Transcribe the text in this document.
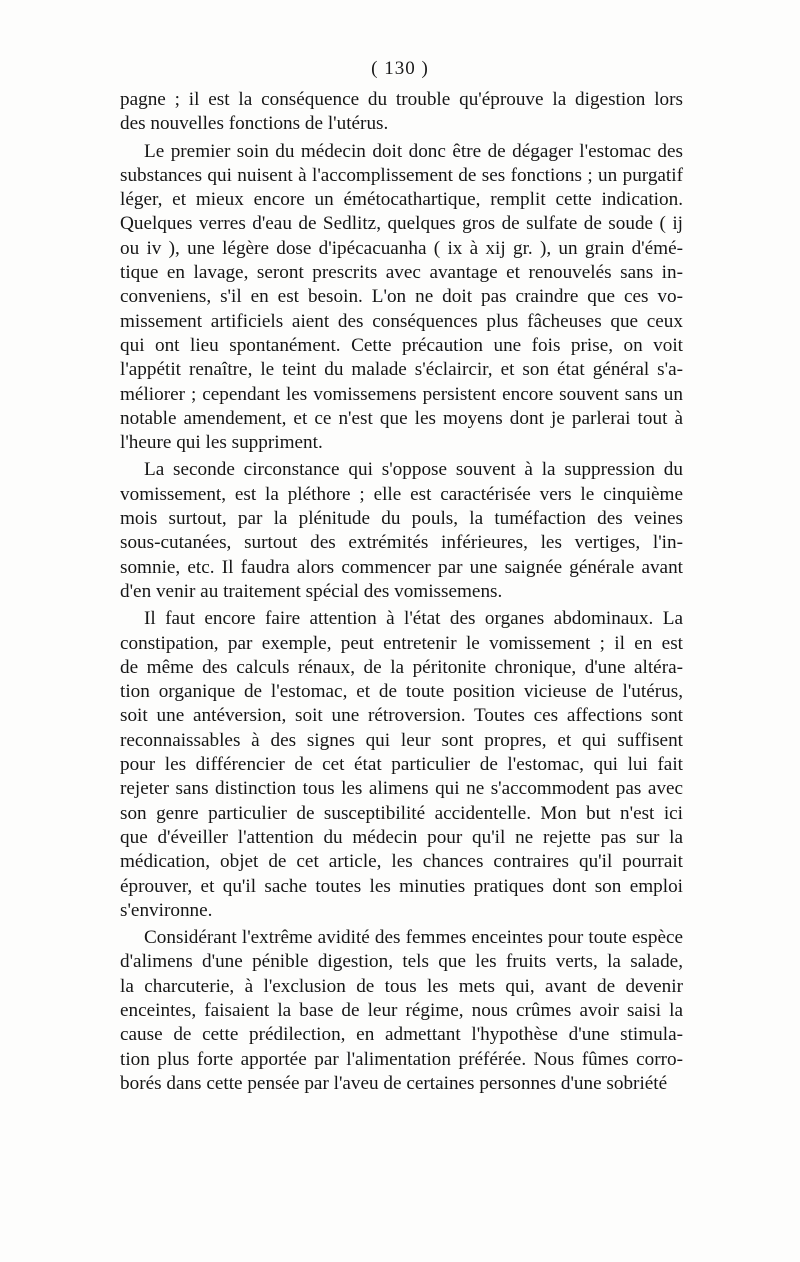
( 130 )
pagne ; il est la conséquence du trouble qu'éprouve la digestion lors
des nouvelles fonctions de l'utérus.
Le premier soin du médecin doit donc être de dégager l'estomac des
substances qui nuisent à l'accomplissement de ses fonctions ; un purgatif
léger, et mieux encore un émétocathartique, remplit cette indication.
Quelques verres d'eau de Sedlitz, quelques gros de sulfate de soude ( ij
ou iv ), une légère dose d'ipécacuanha ( ix à xij gr. ), un grain d'émé-
tique en lavage, seront prescrits avec avantage et renouvelés sans in-
conveniens, s'il en est besoin. L'on ne doit pas craindre que ces vo-
missement artificiels aient des conséquences plus fâcheuses que ceux
qui ont lieu spontanément. Cette précaution une fois prise, on voit
l'appétit renaître, le teint du malade s'éclaircir, et son état général s'a-
méliorer ; cependant les vomissemens persistent encore souvent sans un
notable amendement, et ce n'est que les moyens dont je parlerai tout à
l'heure qui les suppriment.
La seconde circonstance qui s'oppose souvent à la suppression du
vomissement, est la pléthore ; elle est caractérisée vers le cinquième
mois surtout, par la plénitude du pouls, la tuméfaction des veines
sous-cutanées, surtout des extrémités inférieures, les vertiges, l'in-
somnie, etc. Il faudra alors commencer par une saignée générale avant
d'en venir au traitement spécial des vomissemens.
Il faut encore faire attention à l'état des organes abdominaux. La
constipation, par exemple, peut entretenir le vomissement ; il en est
de même des calculs rénaux, de la péritonite chronique, d'une altéra-
tion organique de l'estomac, et de toute position vicieuse de l'utérus,
soit une antéversion, soit une rétroversion. Toutes ces affections sont
reconnaissables à des signes qui leur sont propres, et qui suffisent
pour les différencier de cet état particulier de l'estomac, qui lui fait
rejeter sans distinction tous les alimens qui ne s'accommodent pas avec
son genre particulier de susceptibilité accidentelle. Mon but n'est ici
que d'éveiller l'attention du médecin pour qu'il ne rejette pas sur la
médication, objet de cet article, les chances contraires qu'il pourrait
éprouver, et qu'il sache toutes les minuties pratiques dont son emploi
s'environne.
Considérant l'extrême avidité des femmes enceintes pour toute espèce
d'alimens d'une pénible digestion, tels que les fruits verts, la salade,
la charcuterie, à l'exclusion de tous les mets qui, avant de devenir
enceintes, faisaient la base de leur régime, nous crûmes avoir saisi la
cause de cette prédilection, en admettant l'hypothèse d'une stimula-
tion plus forte apportée par l'alimentation préférée. Nous fûmes corro-
borés dans cette pensée par l'aveu de certaines personnes d'une sobriété
